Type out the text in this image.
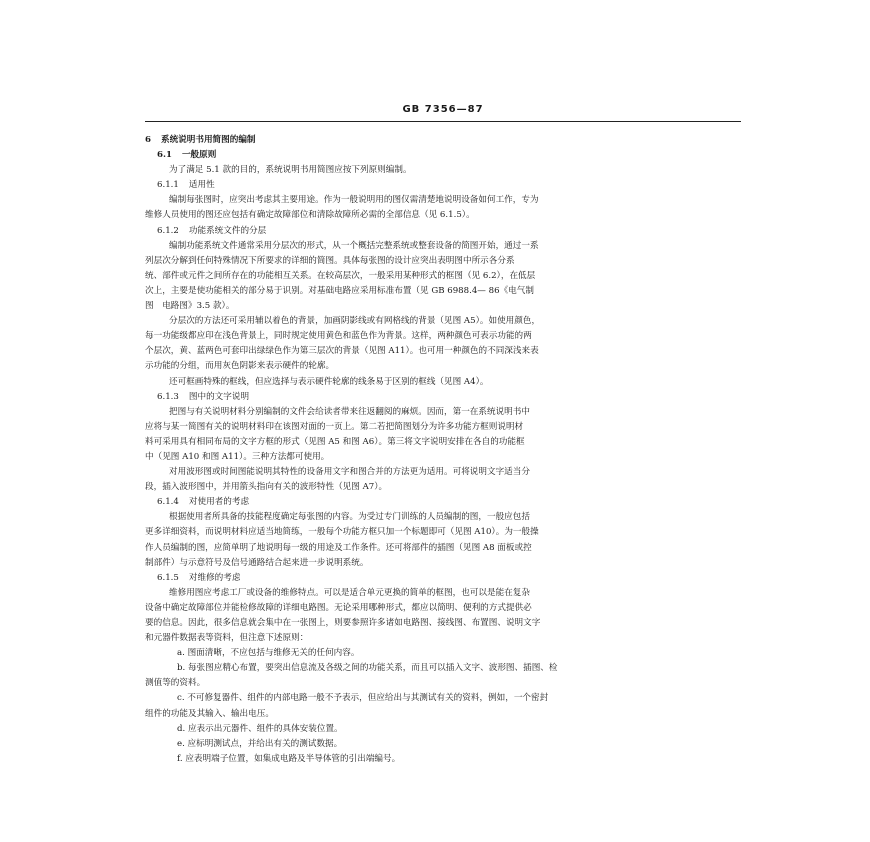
GB 7356—87

6 系统说明书用简图的编制

6.1 一般原则

为了满足 5.1 款的目的，系统说明书用简图应按下列原则编制。

6.1.1 适用性

编制每张图时，应突出考虑其主要用途。作为一般说明用的图仅需清楚地说明设备如何工作，专为

维修人员使用的图还应包括有确定故障部位和清除故障所必需的全部信息（见 6.1.5）。

6.1.2 功能系统文件的分层

编制功能系统文件通常采用分层次的形式，从一个概括完整系统或整套设备的简图开始，通过一系

列层次分解到任何特殊情况下所要求的详细的简图。具体每张图的设计应突出表明图中所示各分系

统、部件或元件之间所存在的功能相互关系。在较高层次，一般采用某种形式的框图（见 6.2），在低层

次上，主要是使功能相关的部分易于识别。对基础电路应采用标准布置（见 GB 6988.4— 86《电气制

图　电路图》3.5 款）。

分层次的方法还可采用辅以着色的背景，加画阴影线或有网格线的背景（见图 A5）。如使用颜色，

每一功能级都应印在浅色背景上，同时规定使用黄色和蓝色作为背景。这样，两种颜色可表示功能的两

个层次，黄、蓝两色可套印出绿绿色作为第三层次的背景（见图 A11）。也可用一种颜色的不同深浅来表

示功能的分组，而用灰色阴影来表示硬件的轮廓。

还可框画特殊的框线，但应选择与表示硬件轮廓的线条易于区别的框线（见图 A4）。

6.1.3 图中的文字说明

把图与有关说明材料分别编制的文件会给读者带来往返翻阅的麻烦。因而，第一在系统说明书中

应将与某一简图有关的说明材料印在该图对面的一页上。第二若把简图划分为许多功能方框则说明材

料可采用具有相同布局的文字方框的形式（见图 A5 和图 A6）。第三将文字说明安排在各自的功能框

中（见图 A10 和图 A11）。三种方法都可使用。

对用波形图或时间图能说明其特性的设备用文字和图合并的方法更为适用。可将说明文字适当分

段，插入波形图中，并用箭头指向有关的波形特性（见图 A7）。

6.1.4 对使用者的考虑

根据使用者所具备的技能程度确定每张图的内容。为受过专门训练的人员编制的图，一般应包括

更多详细资料，而说明材料应适当地简练，一般每个功能方框只加一个标题即可（见图 A10）。为一般操

作人员编制的图，应简单明了地说明每一级的用途及工作条件。还可将部件的插图（见图 A8 面板或控

制部件）与示意符号及信号通路结合起来进一步说明系统。

6.1.5 对维修的考虑

维修用图应考虑工厂或设备的维修特点。可以是适合单元更换的简单的框图，也可以是能在复杂

设备中确定故障部位并能检修故障的详细电路图。无论采用哪种形式，都应以简明、便利的方式提供必

要的信息。因此，很多信息就会集中在一张图上，则要参照许多诸如电路图、接线图、布置图、说明文字

和元器件数据表等资料，但注意下述原则：

a. 图面清晰，不应包括与维修无关的任何内容。

b. 每张图应精心布置，要突出信息流及各级之间的功能关系，而且可以插入文字、波形图、插图、检

测值等的资料。

c. 不可修复器件、组件的内部电路一般不予表示，但应给出与其测试有关的资料，例如，一个密封

组件的功能及其输入、输出电压。

d. 应表示出元器件、组件的具体安装位置。

e. 应标明测试点，并给出有关的测试数据。

f. 应表明端子位置，如集成电路及半导体管的引出端编号。
